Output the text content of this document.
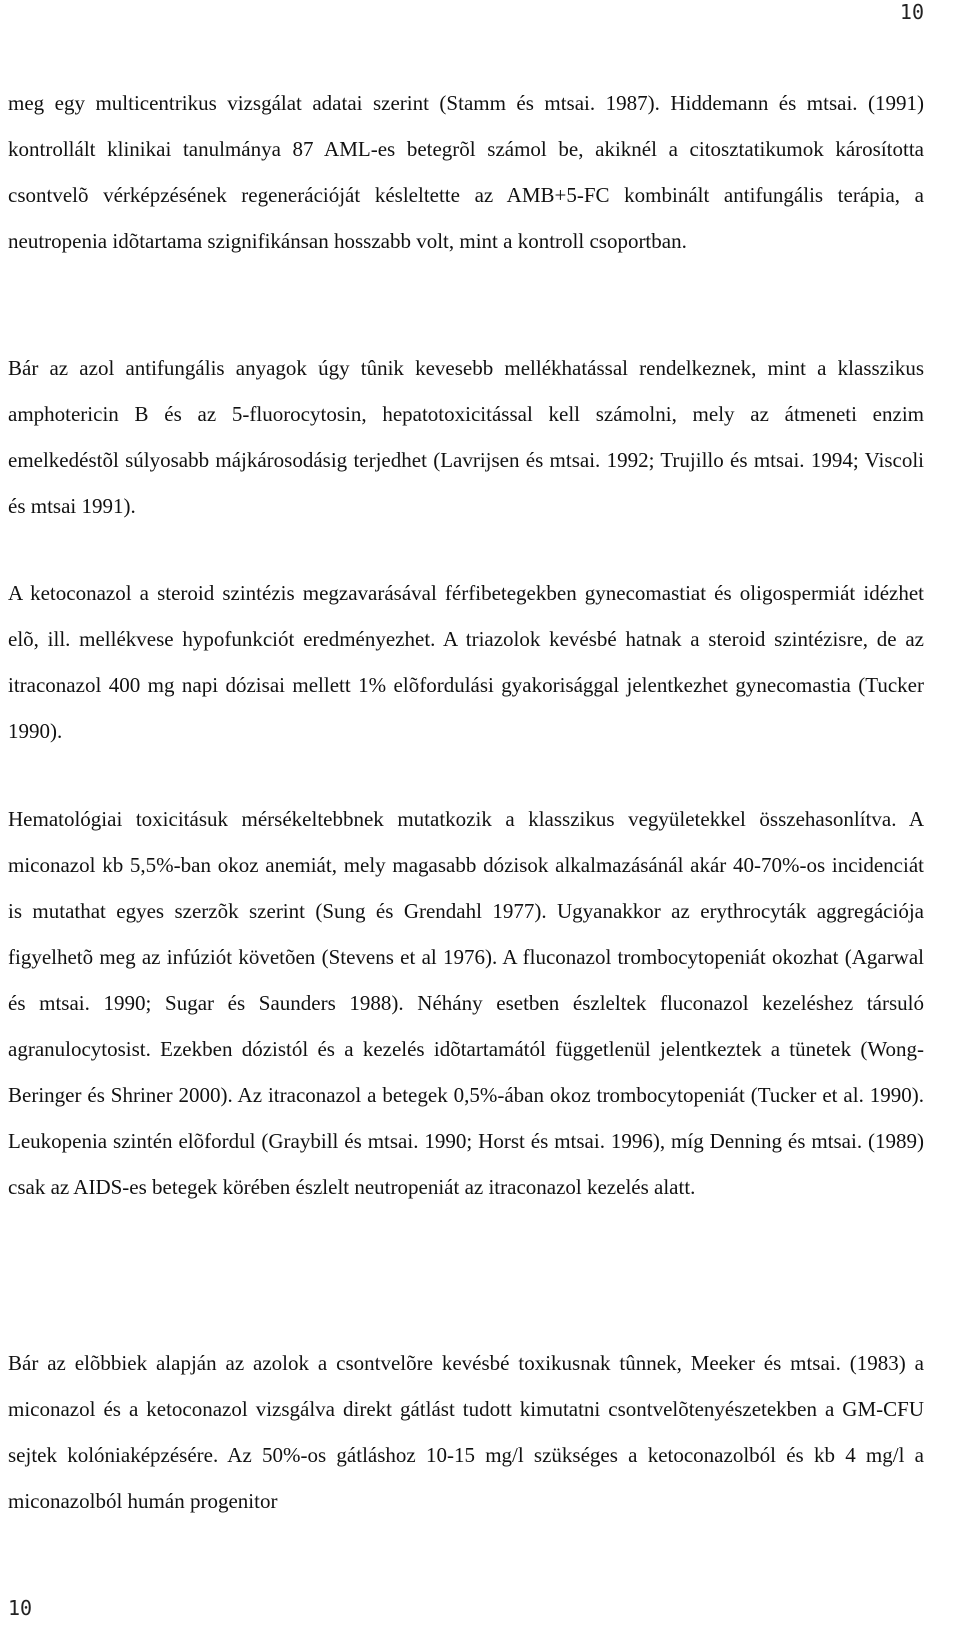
10

meg egy multicentrikus vizsgálat adatai szerint (Stamm és mtsai. 1987). Hiddemann és mtsai. (1991) kontrollált klinikai tanulmánya 87 AML-es betegrõl számol be, akiknél a citosztatikumok károsította csontvelõ vérképzésének regenerációját késleltette az AMB+5-FC kombinált antifungális terápia, a neutropenia idõtartama szignifikánsan hosszabb volt, mint a kontroll csoportban.

Bár az azol antifungális anyagok úgy tûnik kevesebb mellékhatással rendelkeznek, mint a klasszikus amphotericin B és az 5-fluorocytosin, hepatotoxicitással kell számolni, mely az átmeneti enzim emelkedéstõl súlyosabb májkárosodásig terjedhet (Lavrijsen és mtsai. 1992; Trujillo és mtsai. 1994; Viscoli és mtsai 1991).

A ketoconazol a steroid szintézis megzavarásával férfibetegekben gynecomastiat és oligospermiát idézhet elõ, ill. mellékvese hypofunkciót eredményezhet. A triazolok kevésbé hatnak a steroid szintézisre, de az itraconazol 400 mg napi dózisai mellett 1% elõfordulási gyakorisággal jelentkezhet gynecomastia (Tucker 1990).

Hematológiai toxicitásuk mérsékeltebbnek mutatkozik a klasszikus vegyületekkel összehasonlítva. A miconazol kb 5,5%-ban okoz anemiát, mely magasabb dózisok alkalmazásánál akár 40-70%-os incidenciát is mutathat egyes szerzõk szerint (Sung és Grendahl 1977). Ugyanakkor az erythrocyták aggregációja figyelhetõ meg az infúziót követõen (Stevens et al 1976). A fluconazol trombocytopeniát okozhat (Agarwal és mtsai. 1990; Sugar és Saunders 1988). Néhány esetben észleltek fluconazol kezeléshez társuló agranulocytosist. Ezekben dózistól és a kezelés idõtartamától függetlenül jelentkeztek a tünetek (Wong-Beringer és Shriner 2000). Az itraconazol a betegek 0,5%-ában okoz trombocytopeniát (Tucker et al. 1990). Leukopenia szintén elõfordul (Graybill és mtsai. 1990; Horst és mtsai. 1996), míg Denning és mtsai. (1989) csak az AIDS-es betegek körében észlelt neutropeniát az itraconazol kezelés alatt.

Bár az elõbbiek alapján az azolok a csontvelõre kevésbé toxikusnak tûnnek, Meeker és mtsai. (1983) a miconazol és a ketoconazol vizsgálva direkt gátlást tudott kimutatni csontvelõtenyészetekben a GM-CFU sejtek kolóniaképzésére. Az 50%-os gátláshoz 10-15 mg/l szükséges a ketoconazolból és kb 4 mg/l a miconazolból humán progenitor

10
